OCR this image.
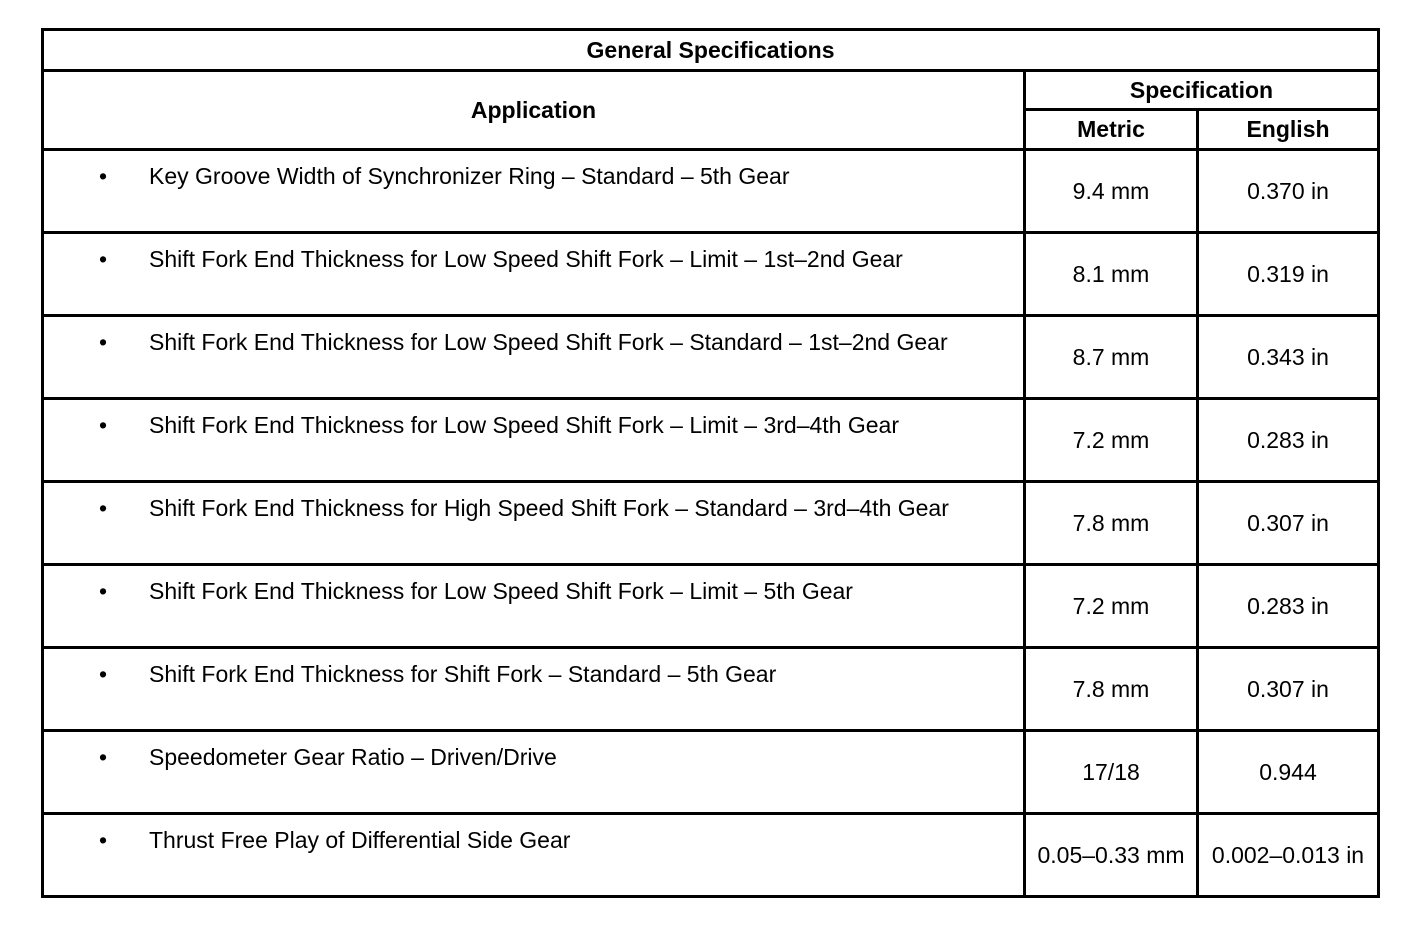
General Specifications		
Application	Specification	
	Metric	English

• Key Groove Width of Synchronizer Ring – Standard – 5th Gear	9.4 mm	0.370 in

• Shift Fork End Thickness for Low Speed Shift Fork – Limit – 1st–2nd Gear	8.1 mm	0.319 in

• Shift Fork End Thickness for Low Speed Shift Fork – Standard – 1st–2nd Gear	8.7 mm	0.343 in

• Shift Fork End Thickness for Low Speed Shift Fork – Limit – 3rd–4th Gear	7.2 mm	0.283 in

• Shift Fork End Thickness for High Speed Shift Fork – Standard – 3rd–4th Gear	7.8 mm	0.307 in

• Shift Fork End Thickness for Low Speed Shift Fork – Limit – 5th Gear	7.2 mm	0.283 in

• Shift Fork End Thickness for Shift Fork – Standard – 5th Gear	7.8 mm	0.307 in

• Speedometer Gear Ratio – Driven/Drive	17/18	0.944

• Thrust Free Play of Differential Side Gear	0.05–0.33 mm	0.002–0.013 in
